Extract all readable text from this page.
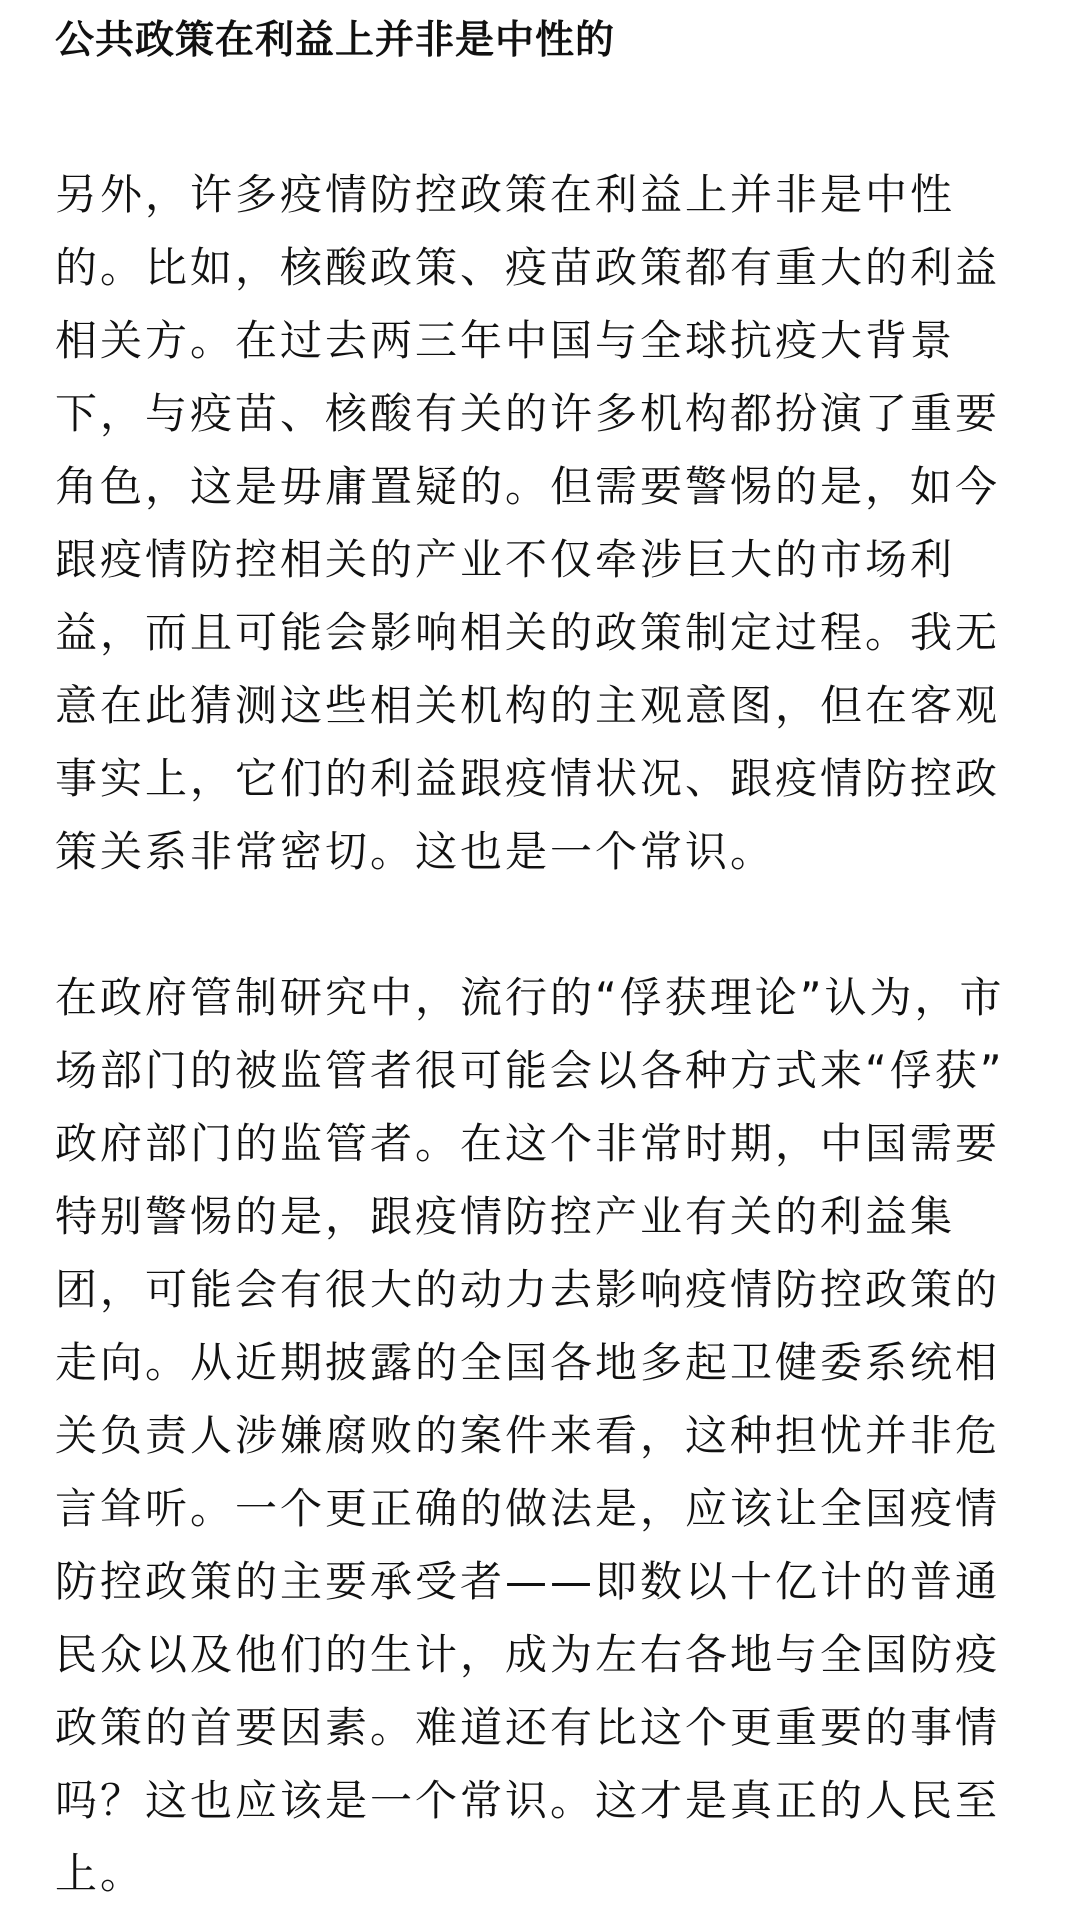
公共政策在利益上并非是中性的

另外，许多疫情防控政策在利益上并非是中性
的。比如，核酸政策、疫苗政策都有重大的利益
相关方。在过去两三年中国与全球抗疫大背景
下，与疫苗、核酸有关的许多机构都扮演了重要
角色，这是毋庸置疑的。但需要警惕的是，如今
跟疫情防控相关的产业不仅牵涉巨大的市场利
益，而且可能会影响相关的政策制定过程。我无
意在此猜测这些相关机构的主观意图，但在客观
事实上，它们的利益跟疫情状况、跟疫情防控政
策关系非常密切。这也是一个常识。

在政府管制研究中，流行的“俘获理论”认为，市
场部门的被监管者很可能会以各种方式来“俘获”
政府部门的监管者。在这个非常时期，中国需要
特别警惕的是，跟疫情防控产业有关的利益集
团，可能会有很大的动力去影响疫情防控政策的
走向。从近期披露的全国各地多起卫健委系统相
关负责人涉嫌腐败的案件来看，这种担忧并非危
言耸听。一个更正确的做法是，应该让全国疫情
防控政策的主要承受者——即数以十亿计的普通
民众以及他们的生计，成为左右各地与全国防疫
政策的首要因素。难道还有比这个更重要的事情
吗？这也应该是一个常识。这才是真正的人民至
上。
